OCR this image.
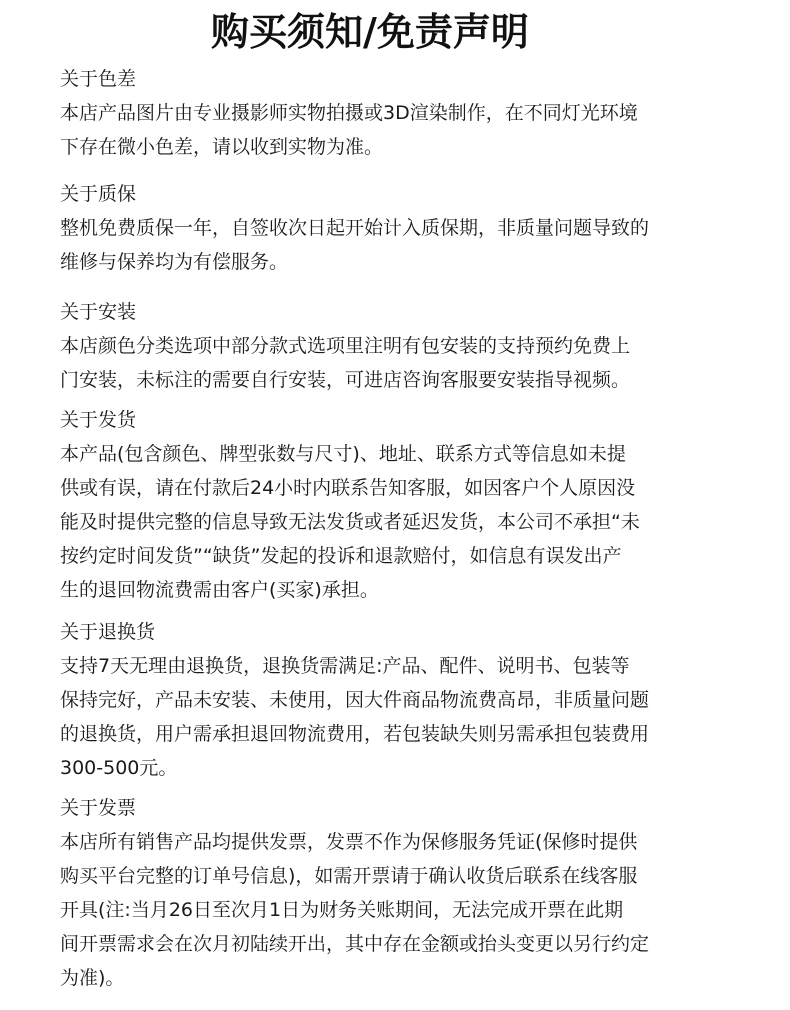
购买须知/免责声明
关于色差
本店产品图片由专业摄影师实物拍摄或3D渲染制作，在不同灯光环境
下存在微小色差，请以收到实物为准。
关于质保
整机免费质保一年，自签收次日起开始计入质保期，非质量问题导致的
维修与保养均为有偿服务。
关于安装
本店颜色分类选项中部分款式选项里注明有包安装的支持预约免费上
门安装，未标注的需要自行安装，可进店咨询客服要安装指导视频。
关于发货
本产品(包含颜色、牌型张数与尺寸)、地址、联系方式等信息如未提
供或有误，请在付款后24小时内联系告知客服，如因客户个人原因没
能及时提供完整的信息导致无法发货或者延迟发货，本公司不承担“未
按约定时间发货”“缺货”发起的投诉和退款赔付，如信息有误发出产
生的退回物流费需由客户(买家)承担。
关于退换货
支持7天无理由退换货，退换货需满足:产品、配件、说明书、包装等
保持完好，产品未安装、未使用，因大件商品物流费高昂，非质量问题
的退换货，用户需承担退回物流费用，若包装缺失则另需承担包装费用
300-500元。
关于发票
本店所有销售产品均提供发票，发票不作为保修服务凭证(保修时提供
购买平台完整的订单号信息)，如需开票请于确认收货后联系在线客服
开具(注:当月26日至次月1日为财务关账期间，无法完成开票在此期
间开票需求会在次月初陆续开出，其中存在金额或抬头变更以另行约定
为准)。
